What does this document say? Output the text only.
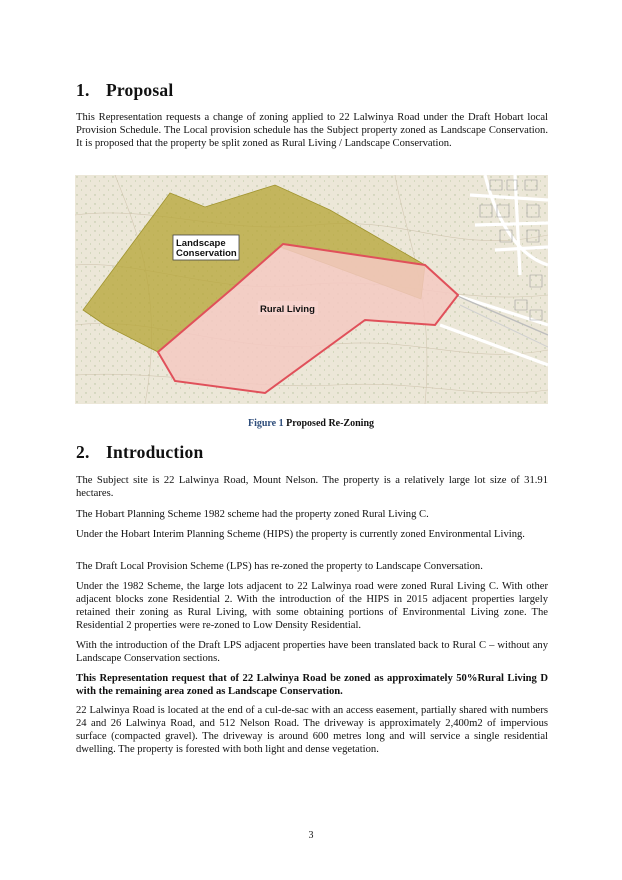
1. Proposal
This Representation requests a change of zoning applied to 22 Lalwinya Road under the Draft Hobart local Provision Schedule. The Local provision schedule has the Subject property zoned as Landscape Conservation. It is proposed that the property be split zoned as Rural Living / Landscape Conservation.
Landscape
Conservation
Rural Living
Figure 1 Proposed Re-Zoning
2. Introduction
The Subject site is 22 Lalwinya Road, Mount Nelson. The property is a relatively large lot size of 31.91 hectares.
The Hobart Planning Scheme 1982 scheme had the property zoned Rural Living C.
Under the Hobart Interim Planning Scheme (HIPS) the property is currently zoned Environmental Living.
The Draft Local Provision Scheme (LPS) has re-zoned the property to Landscape Conversation.
Under the 1982 Scheme, the large lots adjacent to 22 Lalwinya road were zoned Rural Living C. With other adjacent blocks zone Residential 2. With the introduction of the HIPS in 2015 adjacent properties largely retained their zoning as Rural Living, with some obtaining portions of Environmental Living zone. The Residential 2 properties were re-zoned to Low Density Residential.
With the introduction of the Draft LPS adjacent properties have been translated back to Rural C – without any Landscape Conservation sections.
This Representation request that of 22 Lalwinya Road be zoned as approximately 50%Rural Living D with the remaining area zoned as Landscape Conservation.
22 Lalwinya Road is located at the end of a cul-de-sac with an access easement, partially shared with numbers 24 and 26 Lalwinya Road, and 512 Nelson Road. The driveway is approximately 2,400m2 of impervious surface (compacted gravel). The driveway is around 600 metres long and will service a single residential dwelling. The property is forested with both light and dense vegetation.
3
